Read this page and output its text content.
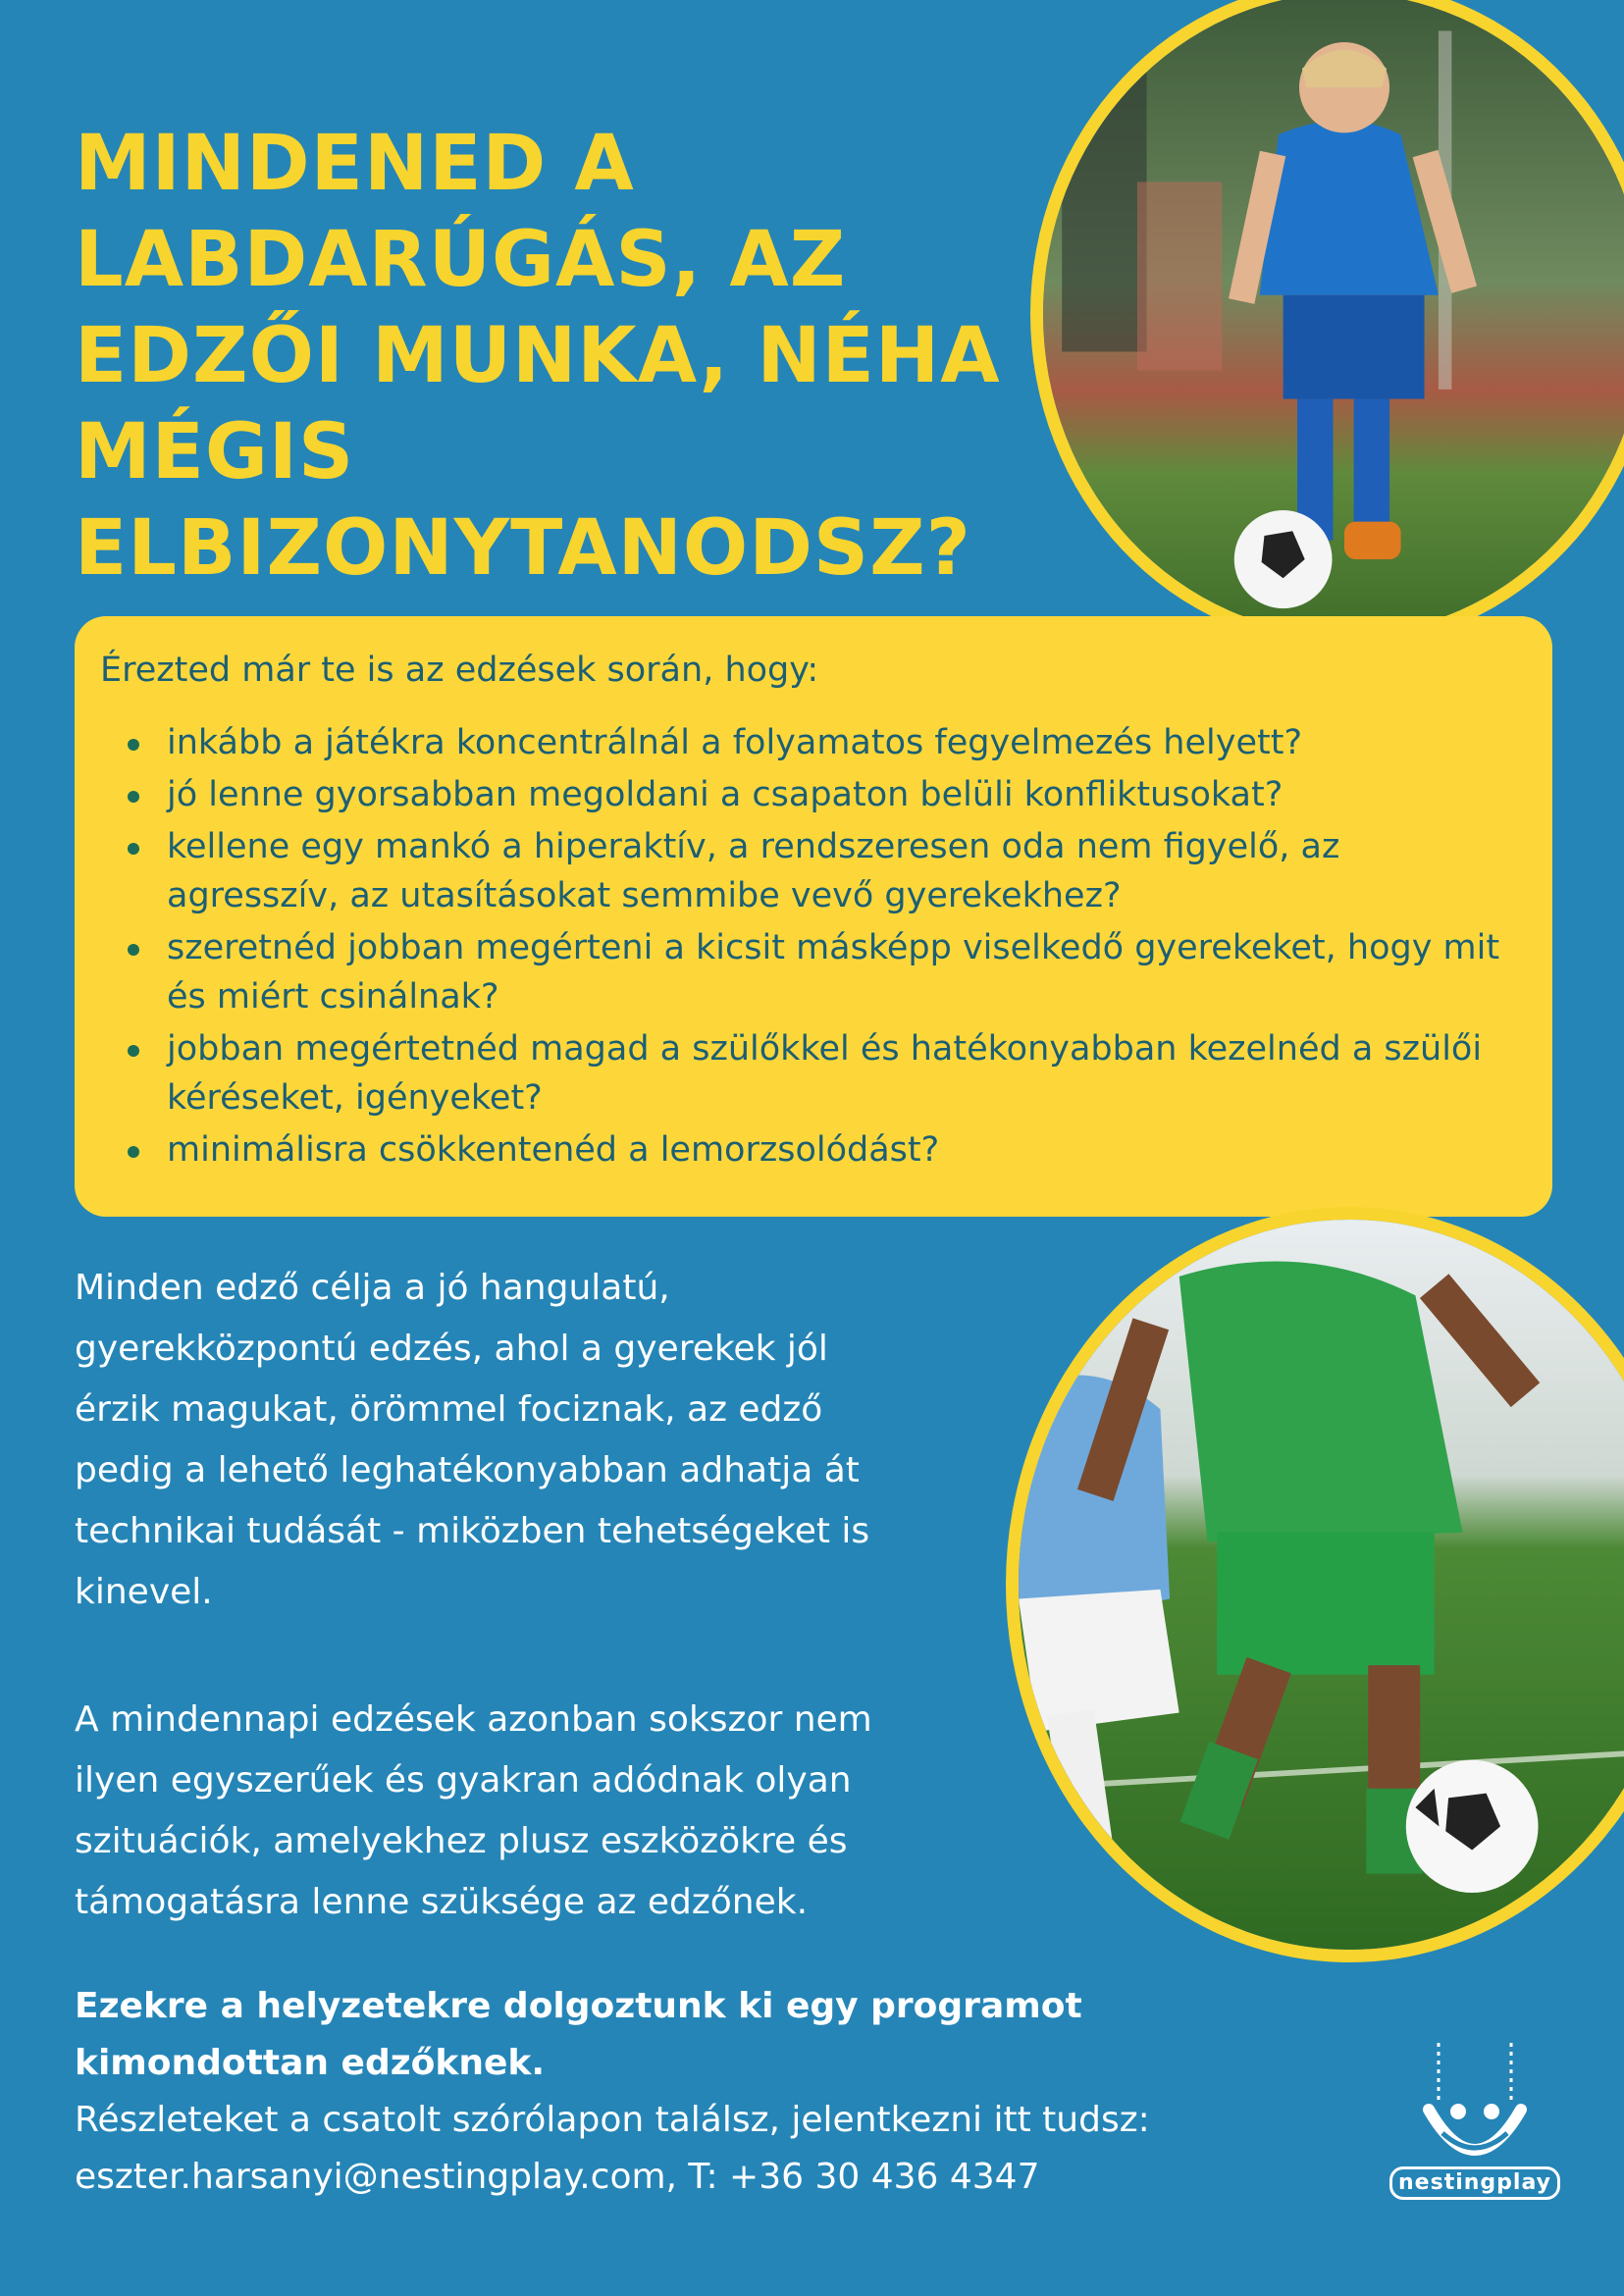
MINDENED A
LABDARÚGÁS, AZ
EDZŐI MUNKA, NÉHA
MÉGIS
ELBIZONYTANODSZ?

Érezted már te is az edzések során, hogy:

inkább a játékra koncentrálnál a folyamatos fegyelmezés helyett?
jó lenne gyorsabban megoldani a csapaton belüli konfliktusokat?
kellene egy mankó a hiperaktív, a rendszeresen oda nem figyelő, az agresszív, az utasításokat semmibe vevő gyerekekhez?
szeretnéd jobban megérteni a kicsit másképp viselkedő gyerekeket, hogy mit és miért csinálnak?
jobban megértetnéd magad a szülőkkel és hatékonyabban kezelnéd a szülői kéréseket, igényeket?
minimálisra csökkentenéd a lemorzsolódást?

Minden edző célja a jó hangulatú,
gyerekközpontú edzés, ahol a gyerekek jól
érzik magukat, örömmel fociznak, az edző
pedig a lehető leghatékonyabban adhatja át
technikai tudását - miközben tehetségeket is
kinevel.

A mindennapi edzések azonban sokszor nem
ilyen egyszerűek és gyakran adódnak olyan
szituációk, amelyekhez plusz eszközökre és
támogatásra lenne szüksége az edzőnek.

Ezekre a helyzetekre dolgoztunk ki egy programot
kimondottan edzőknek.
Részleteket a csatolt szórólapon találsz, jelentkezni itt tudsz:
eszter.harsanyi@nestingplay.com, T: +36 30 436 4347	nestingplay
